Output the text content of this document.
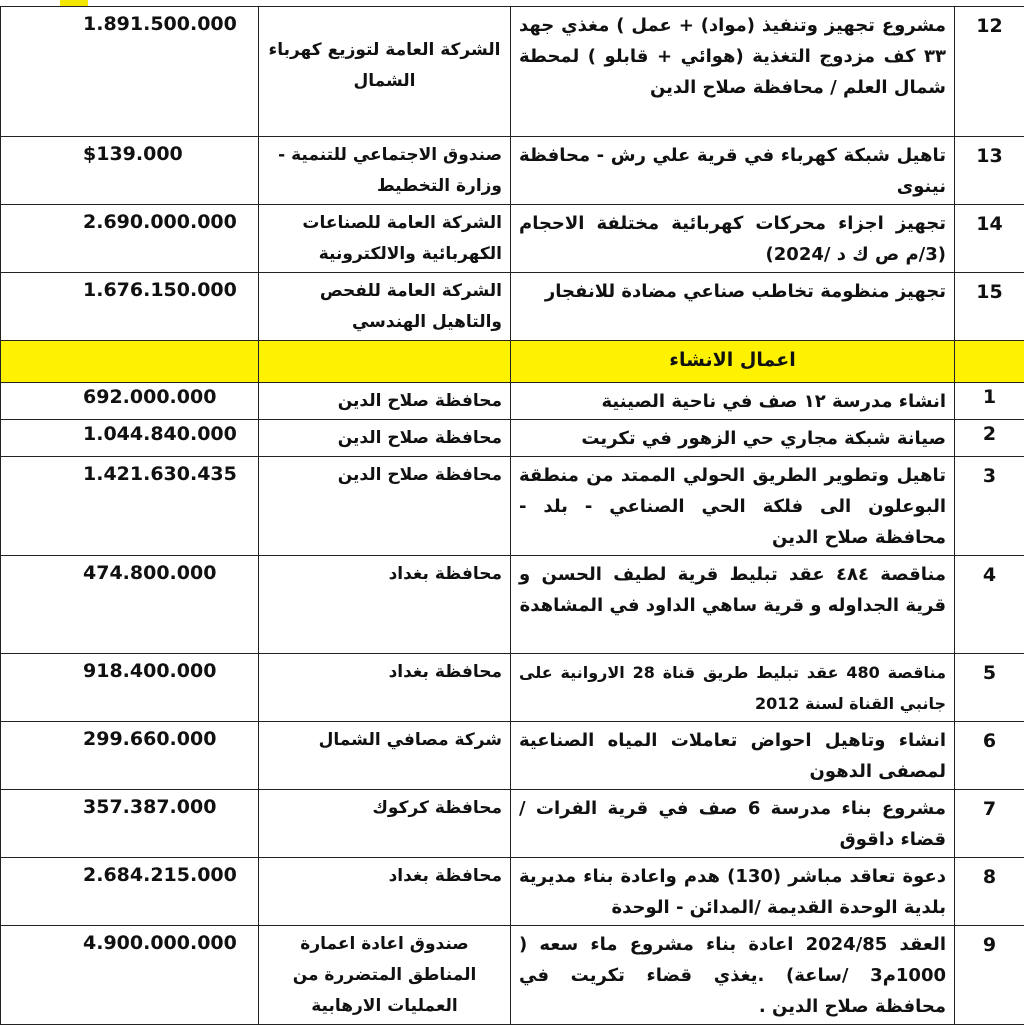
12	مشروع تجهيز وتنفيذ (مواد) + عمل ) مغذي جهد ٣٣ كف مزدوج التغذية (هوائي + قابلو ) لمحطة شمال العلم / محافظة صلاح الدين	الشركة العامة لتوزيع كهرباء الشمال	1.891.500.000
13	تاهيل شبكة كهرباء في قرية علي رش - محافظة نينوى	صندوق الاجتماعي للتنمية - وزارة التخطيط	$139.000
14	تجهيز اجزاء محركات كهربائية مختلفة الاحجام (3/م ص ك د /2024)	الشركة العامة للصناعات الكهربائية والالكترونية	2.690.000.000
15	تجهيز منظومة تخاطب صناعي مضادة للانفجار	الشركة العامة للفحص والتاهيل الهندسي	1.676.150.000
	اعمال الانشاء		
1	انشاء مدرسة ١٢ صف في ناحية الصينية	محافظة صلاح الدين	692.000.000
2	صيانة شبكة مجاري حي الزهور في تكريت	محافظة صلاح الدين	1.044.840.000
3	تاهيل وتطوير الطريق الحولي الممتد من منطقة البوعلون الى فلكة الحي الصناعي - بلد - محافظة صلاح الدين	محافظة صلاح الدين	1.421.630.435
4	مناقصة ٤٨٤ عقد تبليط قرية لطيف الحسن و قرية الجداوله و قرية ساهي الداود في المشاهدة	محافظة بغداد	474.800.000
5	مناقصة 480 عقد تبليط طريق قناة 28 الاروانية على جانبي القناة لسنة 2012	محافظة بغداد	918.400.000
6	انشاء وتاهيل احواض تعاملات المياه الصناعية لمصفى الدهون	شركة مصافي الشمال	299.660.000
7	مشروع بناء مدرسة 6 صف في قرية الفرات / قضاء داقوق	محافظة كركوك	357.387.000
8	دعوة تعاقد مباشر (130) هدم واعادة بناء مديرية بلدية الوحدة القديمة /المدائن - الوحدة	محافظة بغداد	2.684.215.000
9	العقد 2024/85 اعادة بناء مشروع ماء سعه ( 1000م3 /ساعة) .يغذي قضاء تكريت في محافظة صلاح الدين .	صندوق اعادة اعمارة المناطق المتضررة من العمليات الارهابية	4.900.000.000
